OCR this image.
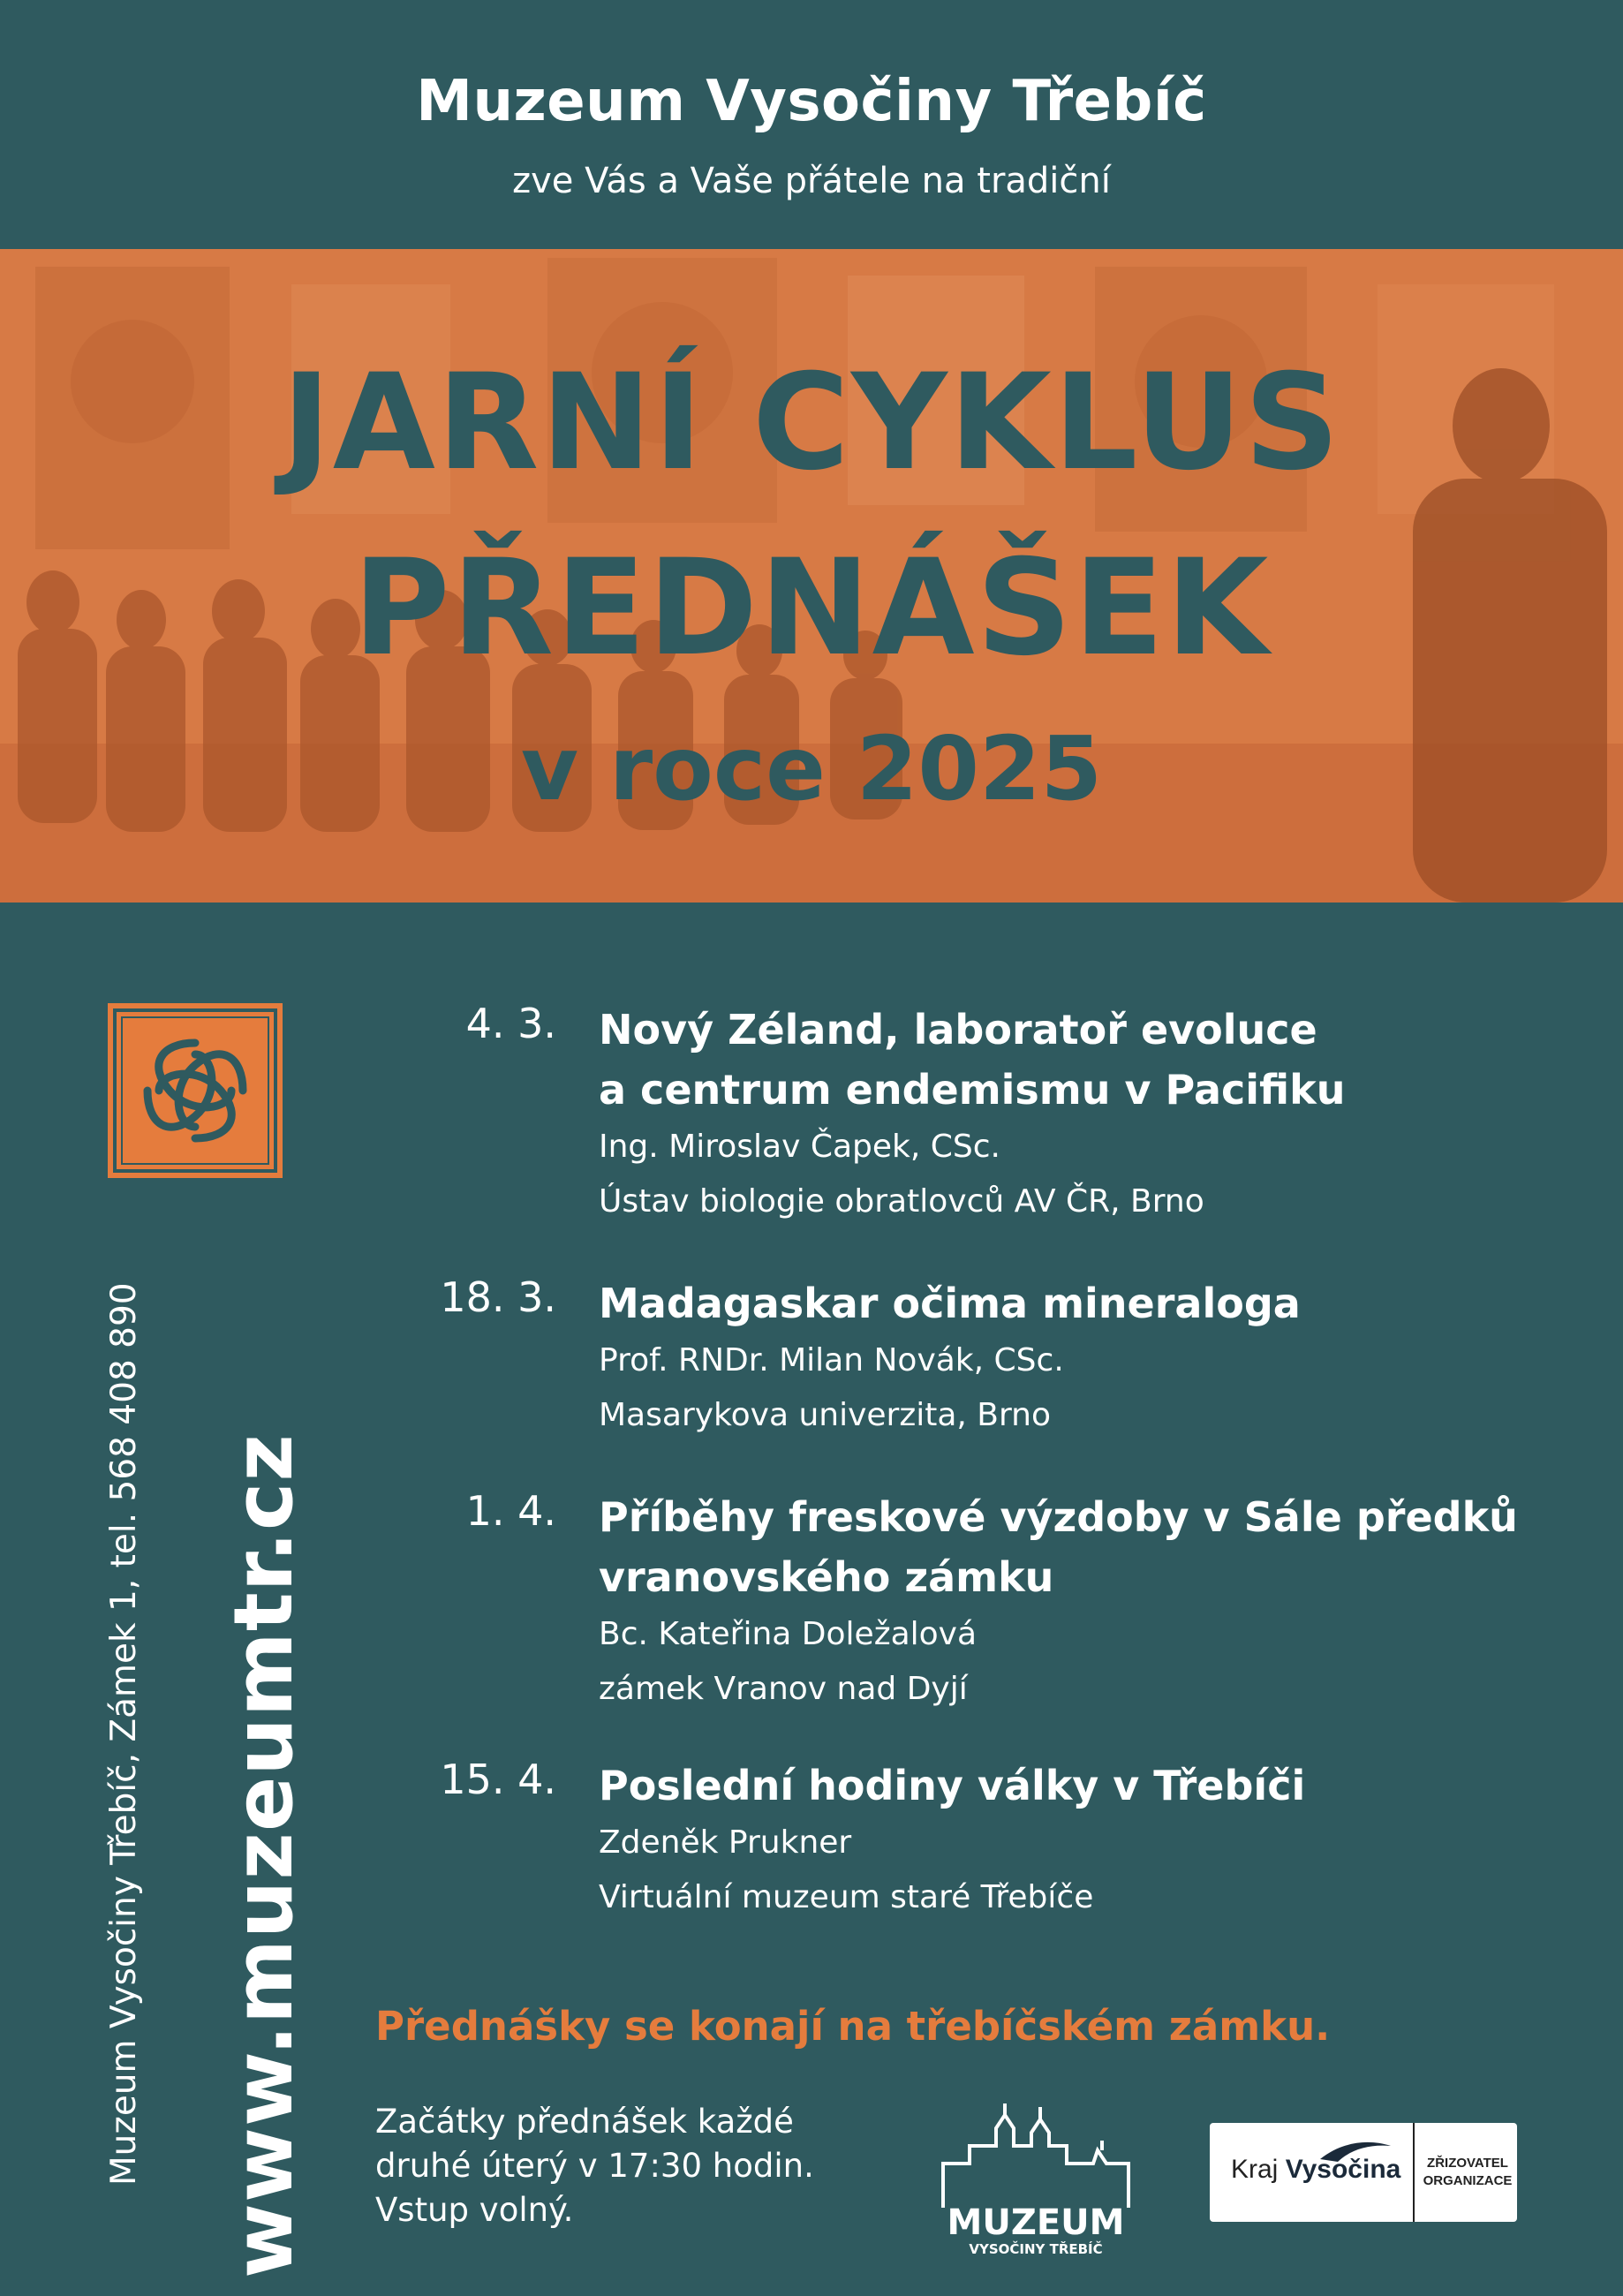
Muzeum Vysočiny Třebíč
zve Vás a Vaše přátele na tradiční
JARNÍ CYKLUS
PŘEDNÁŠEK
v roce 2025
Muzeum Vysočiny Třebíč, Zámek 1, tel. 568 408 890 www.muzeumtr.cz
4. 3. Nový Zéland, laboratoř evoluce
a centrum endemismu v Pacifiku
Ing. Miroslav Čapek, CSc.
Ústav biologie obratlovců AV ČR, Brno
18. 3. Madagaskar očima mineraloga
Prof. RNDr. Milan Novák, CSc.
Masarykova univerzita, Brno
1. 4. Příběhy freskové výzdoby v Sále předků
vranovského zámku
Bc. Kateřina Doležalová
zámek Vranov nad Dyjí
15. 4. Poslední hodiny války v Třebíči
Zdeněk Prukner
Virtuální muzeum staré Třebíče
Přednášky se konají na třebíčském zámku.
Začátky přednášek každé
druhé úterý v 17:30 hodin.
Vstup volný.	MUZEUM
VYSOČINY TŘEBÍČ
Kraj Vysočina	ZŘIZOVATEL
ORGANIZACE
